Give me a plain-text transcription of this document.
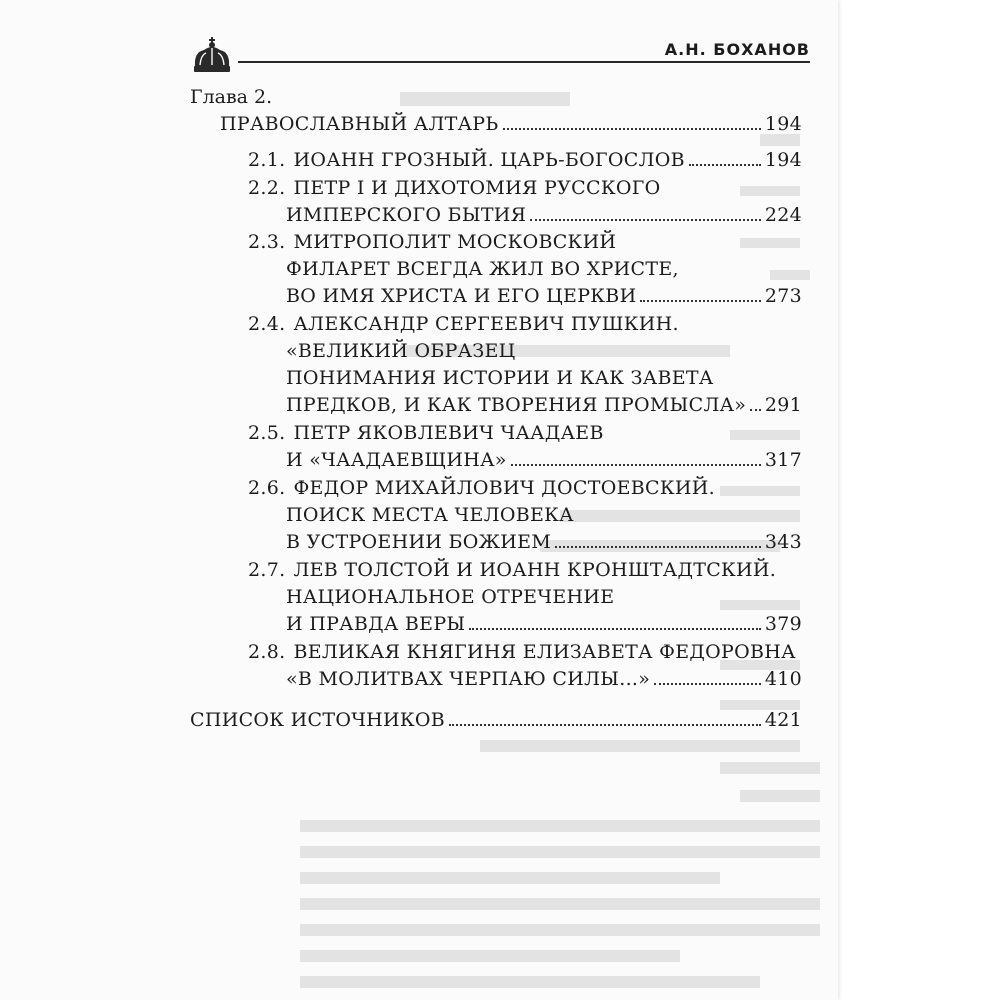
А.Н. БОХАНОВ
Глава 2.
ПРАВОСЛАВНЫЙ АЛТАРЬ	194
2.1. ИОАНН ГРОЗНЫЙ. ЦАРЬ-БОГОСЛОВ	194
2.2. ПЕТР I И ДИХОТОМИЯ РУССКОГО
ИМПЕРСКОГО БЫТИЯ	224
2.3. МИТРОПОЛИТ МОСКОВСКИЙ
ФИЛАРЕТ ВСЕГДА ЖИЛ ВО ХРИСТЕ,
ВО ИМЯ ХРИСТА И ЕГО ЦЕРКВИ	273
2.4. АЛЕКСАНДР СЕРГЕЕВИЧ ПУШКИН.
«ВЕЛИКИЙ ОБРАЗЕЦ
ПОНИМАНИЯ ИСТОРИИ И КАК ЗАВЕТА
ПРЕДКОВ, И КАК ТВОРЕНИЯ ПРОМЫСЛА» 291
2.5. ПЕТР ЯКОВЛЕВИЧ ЧААДАЕВ
И «ЧААДАЕВЩИНА»	317
2.6. ФЕДОР МИХАЙЛОВИЧ ДОСТОЕВСКИЙ.
ПОИСК МЕСТА ЧЕЛОВЕКА
В УСТРОЕНИИ БОЖИЕМ	343
2.7. ЛЕВ ТОЛСТОЙ И ИОАНН КРОНШТАДТСКИЙ.
НАЦИОНАЛЬНОЕ ОТРЕЧЕНИЕ
И ПРАВДА ВЕРЫ	379
2.8. ВЕЛИКАЯ КНЯГИНЯ ЕЛИЗАВЕТА ФЕДОРОВНА
«В МОЛИТВАХ ЧЕРПАЮ СИЛЫ...»	410
СПИСОК ИСТОЧНИКОВ	421
